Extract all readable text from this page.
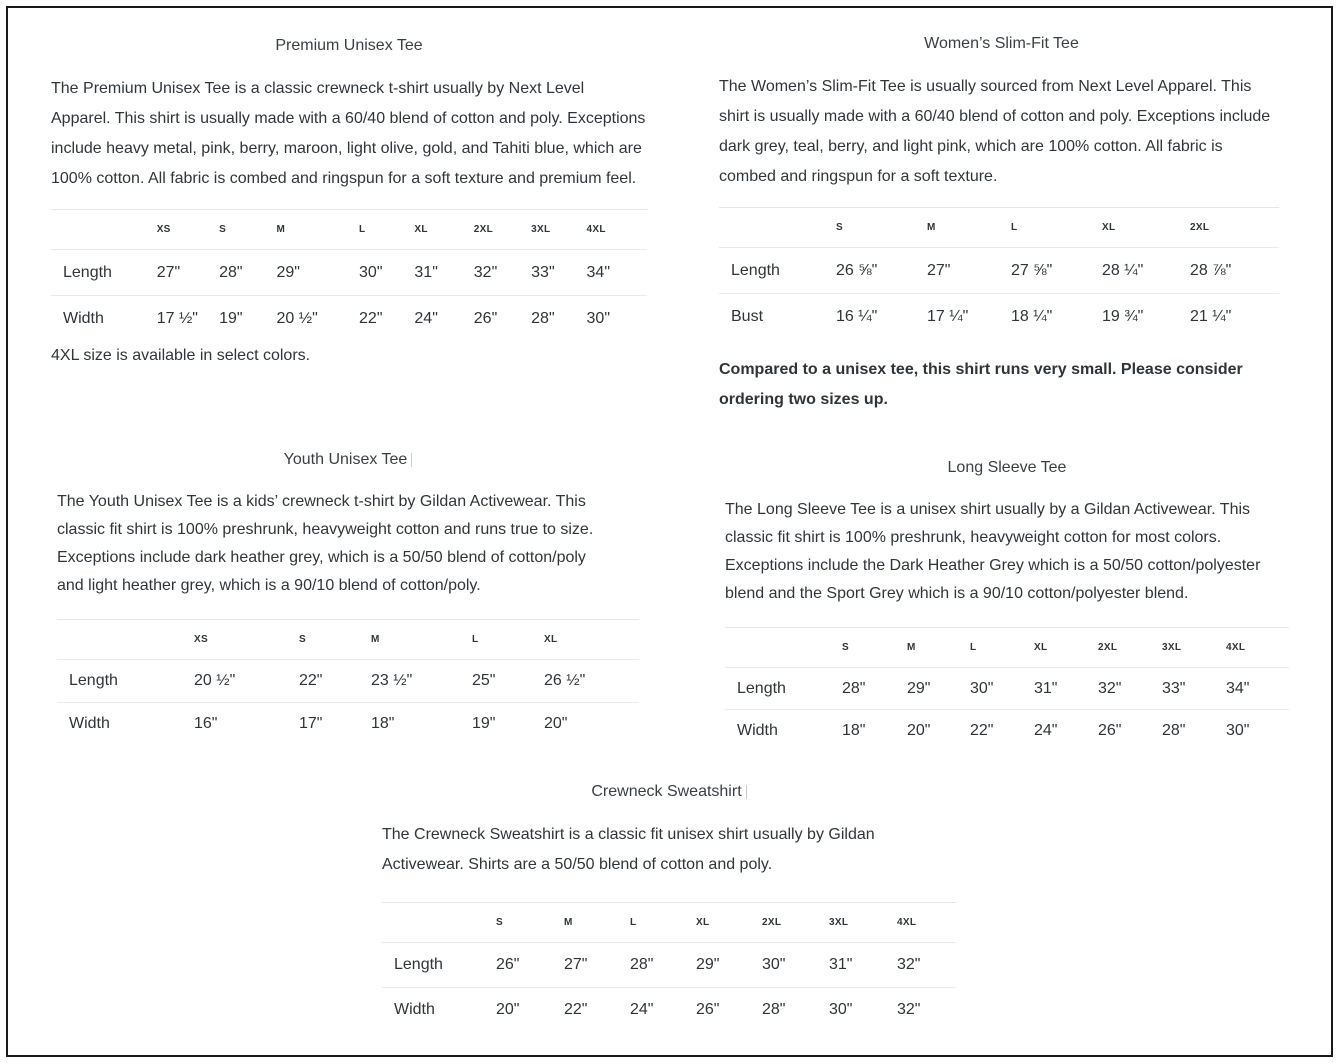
Premium Unisex Tee

The Premium Unisex Tee is a classic crewneck t-shirt usually by Next Level Apparel. This shirt is usually made with a 60/40 blend of cotton and poly. Exceptions include heavy metal, pink, berry, maroon, light olive, gold, and Tahiti blue, which are 100% cotton. All fabric is combed and ringspun for a soft texture and premium feel.

	XS	S	M	L	XL	2XL	3XL	4XL
Length	27"	28"	29"	30"	31"	32"	33"	34"
Width	17 ½"	19"	20 ½"	22"	24"	26"	28"	30"
4XL size is available in select colors.
Women’s Slim-Fit Tee

The Women’s Slim-Fit Tee is usually sourced from Next Level Apparel. This shirt is usually made with a 60/40 blend of cotton and poly. Exceptions include dark grey, teal, berry, and light pink, which are 100% cotton. All fabric is combed and ringspun for a soft texture.

	S	M	L	XL	2XL
Length	26 ⅝"	27"	27 ⅝"	28 ¼"	28 ⅞"
Bust	16 ¼"	17 ¼"	18 ¼"	19 ¾"	21 ¼"

Compared to a unisex tee, this shirt runs very small. Please consider ordering two sizes up.

Youth Unisex Tee

The Youth Unisex Tee is a kids’ crewneck t-shirt by Gildan Activewear. This classic fit shirt is 100% preshrunk, heavyweight cotton and runs true to size. Exceptions include dark heather grey, which is a 50/50 blend of cotton/poly and light heather grey, which is a 90/10 blend of cotton/poly.

	XS	S	M	L	XL
Length	20 ½"	22"	23 ½"	25"	26 ½"
Width	16"	17"	18"	19"	20"
Long Sleeve Tee

The Long Sleeve Tee is a unisex shirt usually by a Gildan Activewear. This classic fit shirt is 100% preshrunk, heavyweight cotton for most colors. Exceptions include the Dark Heather Grey which is a 50/50 cotton/polyester blend and the Sport Grey which is a 90/10 cotton/polyester blend.

	S	M	L	XL	2XL	3XL	4XL
Length	28"	29"	30"	31"	32"	33"	34"
Width	18"	20"	22"	24"	26"	28"	30"
Crewneck Sweatshirt

The Crewneck Sweatshirt is a classic fit unisex shirt usually by Gildan Activewear. Shirts are a 50/50 blend of cotton and poly.

	S	M	L	XL	2XL	3XL	4XL
Length	26"	27"	28"	29"	30"	31"	32"
Width	20"	22"	24"	26"	28"	30"	32"
